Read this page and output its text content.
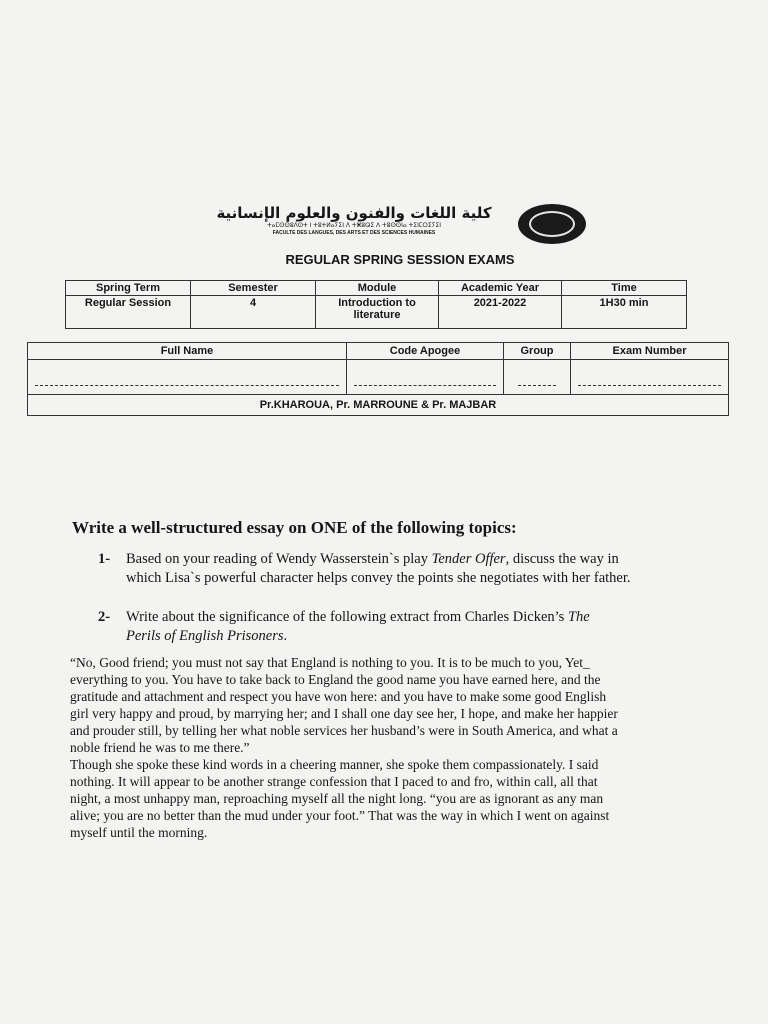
كلية اللغات والفنون والعلوم الإنسانية
ⵜⴰⵎⵙⵙⵓⴷⵙⵜ ⵏ ⵜⵓⵜⵍⴰⵢⵉⵏ ⴷ ⵜⵥⵓⵕⵉ ⴷ ⵜⵓⵙⵙⵏⴰ ⵜⵉⵏⵎⵔⵉⵢⵉⵏ
FACULTE DES LANGUES, DES ARTS ET DES SCIENCES HUMAINES
REGULAR SPRING SESSION EXAMS
Spring Term	Semester	Module	Academic Year	Time
Regular Session	4	Introduction to literature	2021-2022	1H30 min
Full Name	Code Apogee	Group	Exam Number

Pr.KHAROUA, Pr. MARROUNE & Pr. MAJBAR			
Write a well-structured essay on ONE of the following topics:
1- Based on your reading of Wendy Wasserstein`s play Tender Offer, discuss the way in
which Lisa`s powerful character helps convey the points she negotiates with her father.
2- Write about the significance of the following extract from Charles Dicken’s The
Perils of English Prisoners.
“No, Good friend; you must not say that England is nothing to you. It is to be much to you, Yet_
everything to you. You have to take back to England the good name you have earned here, and the
gratitude and attachment and respect you have won here: and you have to make some good English
girl very happy and proud, by marrying her; and I shall one day see her, I hope, and make her happier
and prouder still, by telling her what noble services her husband’s were in South America, and what a
noble friend he was to me there.”
Though she spoke these kind words in a cheering manner, she spoke them compassionately. I said
nothing. It will appear to be another strange confession that I paced to and fro, within call, all that
night, a most unhappy man, reproaching myself all the night long. “you are as ignorant as any man
alive; you are no better than the mud under your foot.” That was the way in which I went on against
myself until the morning.
